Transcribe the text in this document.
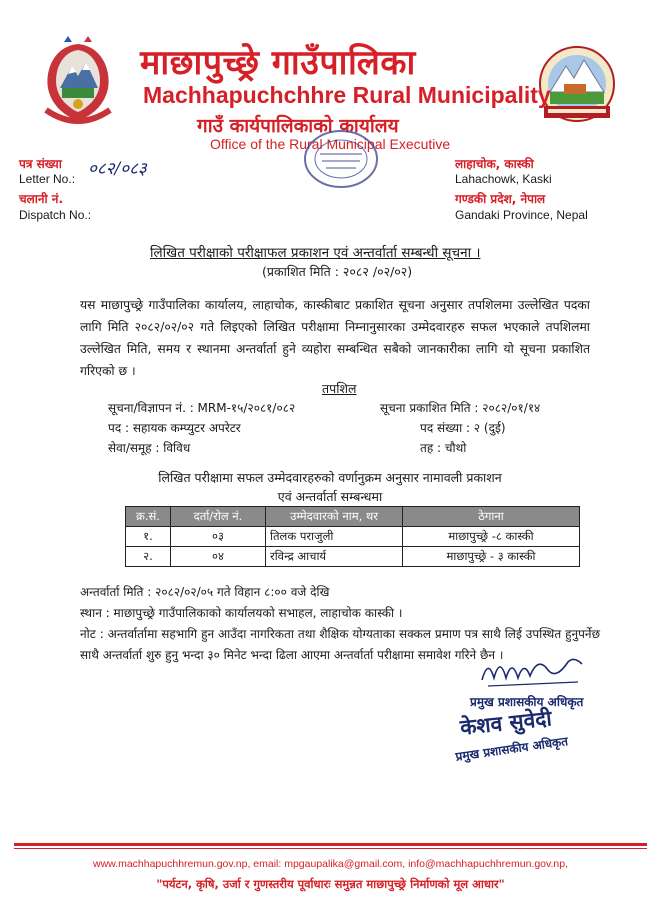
माछापुच्छ्रे गाउँपालिका
Machhapuchchhre Rural Municipality
गाउँ कार्यपालिकाको कार्यालय
Office of the Rural Municipal Executive
पत्र संख्या
Letter No.: ०८२/०८३
चलानी नं.
Dispatch No.:
लाहाचोक, कास्की
Lahachowk, Kaski
गण्डकी प्रदेश, नेपाल
Gandaki Province, Nepal
लिखित परीक्षाको परीक्षाफल प्रकाशन एवं अन्तर्वार्ता सम्बन्धी सूचना ।
(प्रकाशित मिति : २०८२ /०२/०२)
यस माछापुच्छ्रे गाउँपालिका कार्यालय, लाहाचोक, कास्कीबाट प्रकाशित सूचना अनुसार तपशिलमा उल्लेखित पदका लागि मिति २०८२/०२/०२ गते लिइएको लिखित परीक्षामा निम्नानुसारका उम्मेदवारहरु सफल भएकाले तपशिलमा उल्लेखित मिति, समय र स्थानमा अन्तर्वार्ता हुने व्यहोरा सम्बन्धित सबैको जानकारीका लागि यो सूचना प्रकाशित गरिएको छ ।
तपशिल
सूचना/विज्ञापन नं. : MRM-१५/२०८१/०८२	सूचना प्रकाशित मिति : २०८२/०१/१४
पद : सहायक कम्प्युटर अपरेटर	पद संख्या : २ (दुई)
सेवा/समूह : विविध	तह : चौथो
लिखित परीक्षामा सफल उम्मेदवारहरुको वर्णानुक्रम अनुसार नामावली प्रकाशन
एवं अन्तर्वार्ता सम्बन्धमा
क्र.सं.	दर्ता/रोल नं.	उम्मेदवारको नाम, थर	ठेगाना
१.	०३	तिलक पराजुली	माछापुच्छ्रे -८ कास्की
२.	०४	रविन्द्र आचार्य	माछापुच्छ्रे - ३ कास्की
अन्तर्वार्ता मिति : २०८२/०२/०५ गते विहान ८:०० वजे देखि
स्थान : माछापुच्छ्रे गाउँपालिकाको कार्यालयको सभाहल, लाहाचोक कास्की ।
नोट : अन्तर्वार्तामा सहभागि हुन आउँदा नागरिकता तथा शैक्षिक योग्यताका सक्कल प्रमाण पत्र साथै लिई उपस्थित हुनुपर्नेछ साथै अन्तर्वार्ता शुरु हुनु भन्दा ३० मिनेट भन्दा ढिला आएमा अन्तर्वार्ता परीक्षामा समावेश गरिने छैन ।
प्रमुख प्रशासकीय अधिकृत
केशव सुवेदी
प्रमुख प्रशासकीय अधिकृत
www.machhapuchhremun.gov.np, email: mpgaupalika@gmail.com, info@machhapuchhremun.gov.np,
"पर्यटन, कृषि, उर्जा र गुणस्तरीय पूर्वाधारः समुन्नत माछापुच्छ्रे निर्माणको मूल आधार"
